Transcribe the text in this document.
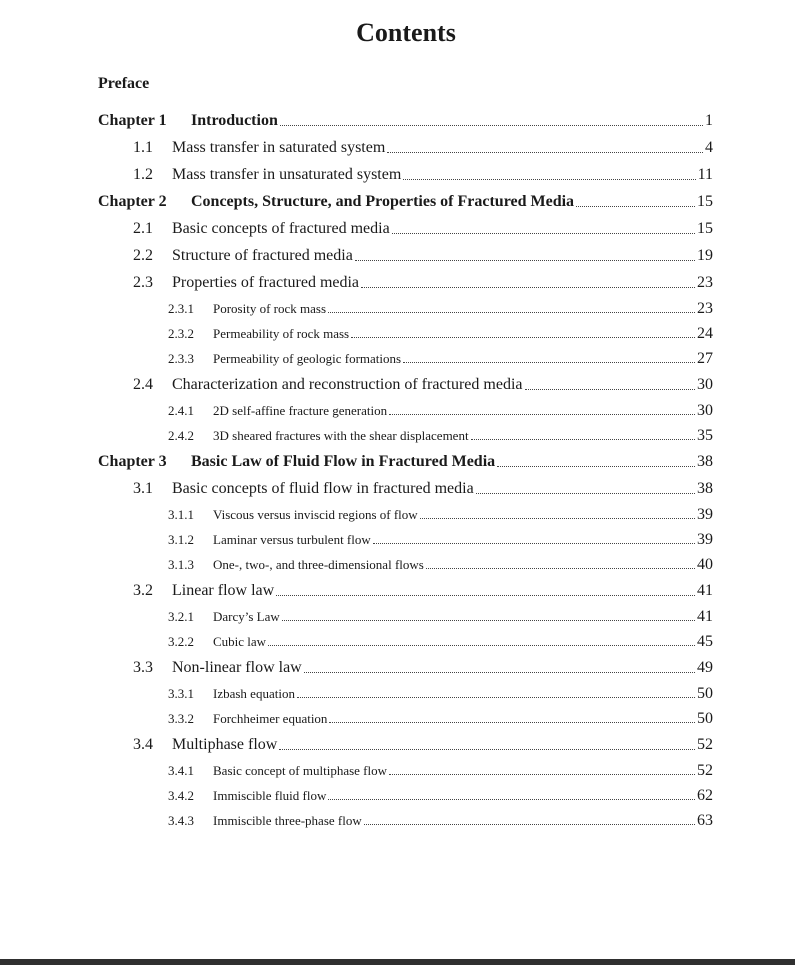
Contents
Preface
Chapter 1	Introduction	1
1.1	Mass transfer in saturated system	4
1.2	Mass transfer in unsaturated system	11
Chapter 2	Concepts, Structure, and Properties of Fractured Media	15
2.1	Basic concepts of fractured media	15
2.2	Structure of fractured media	19
2.3	Properties of fractured media	23
2.3.1	Porosity of rock mass	23
2.3.2	Permeability of rock mass	24
2.3.3	Permeability of geologic formations	27
2.4	Characterization and reconstruction of fractured media	30
2.4.1	2D self-affine fracture generation	30
2.4.2	3D sheared fractures with the shear displacement	35
Chapter 3	Basic Law of Fluid Flow in Fractured Media	38
3.1	Basic concepts of fluid flow in fractured media	38
3.1.1	Viscous versus inviscid regions of flow	39
3.1.2	Laminar versus turbulent flow	39
3.1.3	One-, two-, and three-dimensional flows	40
3.2	Linear flow law	41
3.2.1	Darcy’s Law	41
3.2.2	Cubic law	45
3.3	Non-linear flow law	49
3.3.1	Izbash equation	50
3.3.2	Forchheimer equation	50
3.4	Multiphase flow	52
3.4.1	Basic concept of multiphase flow	52
3.4.2	Immiscible fluid flow	62
3.4.3	Immiscible three-phase flow	63
